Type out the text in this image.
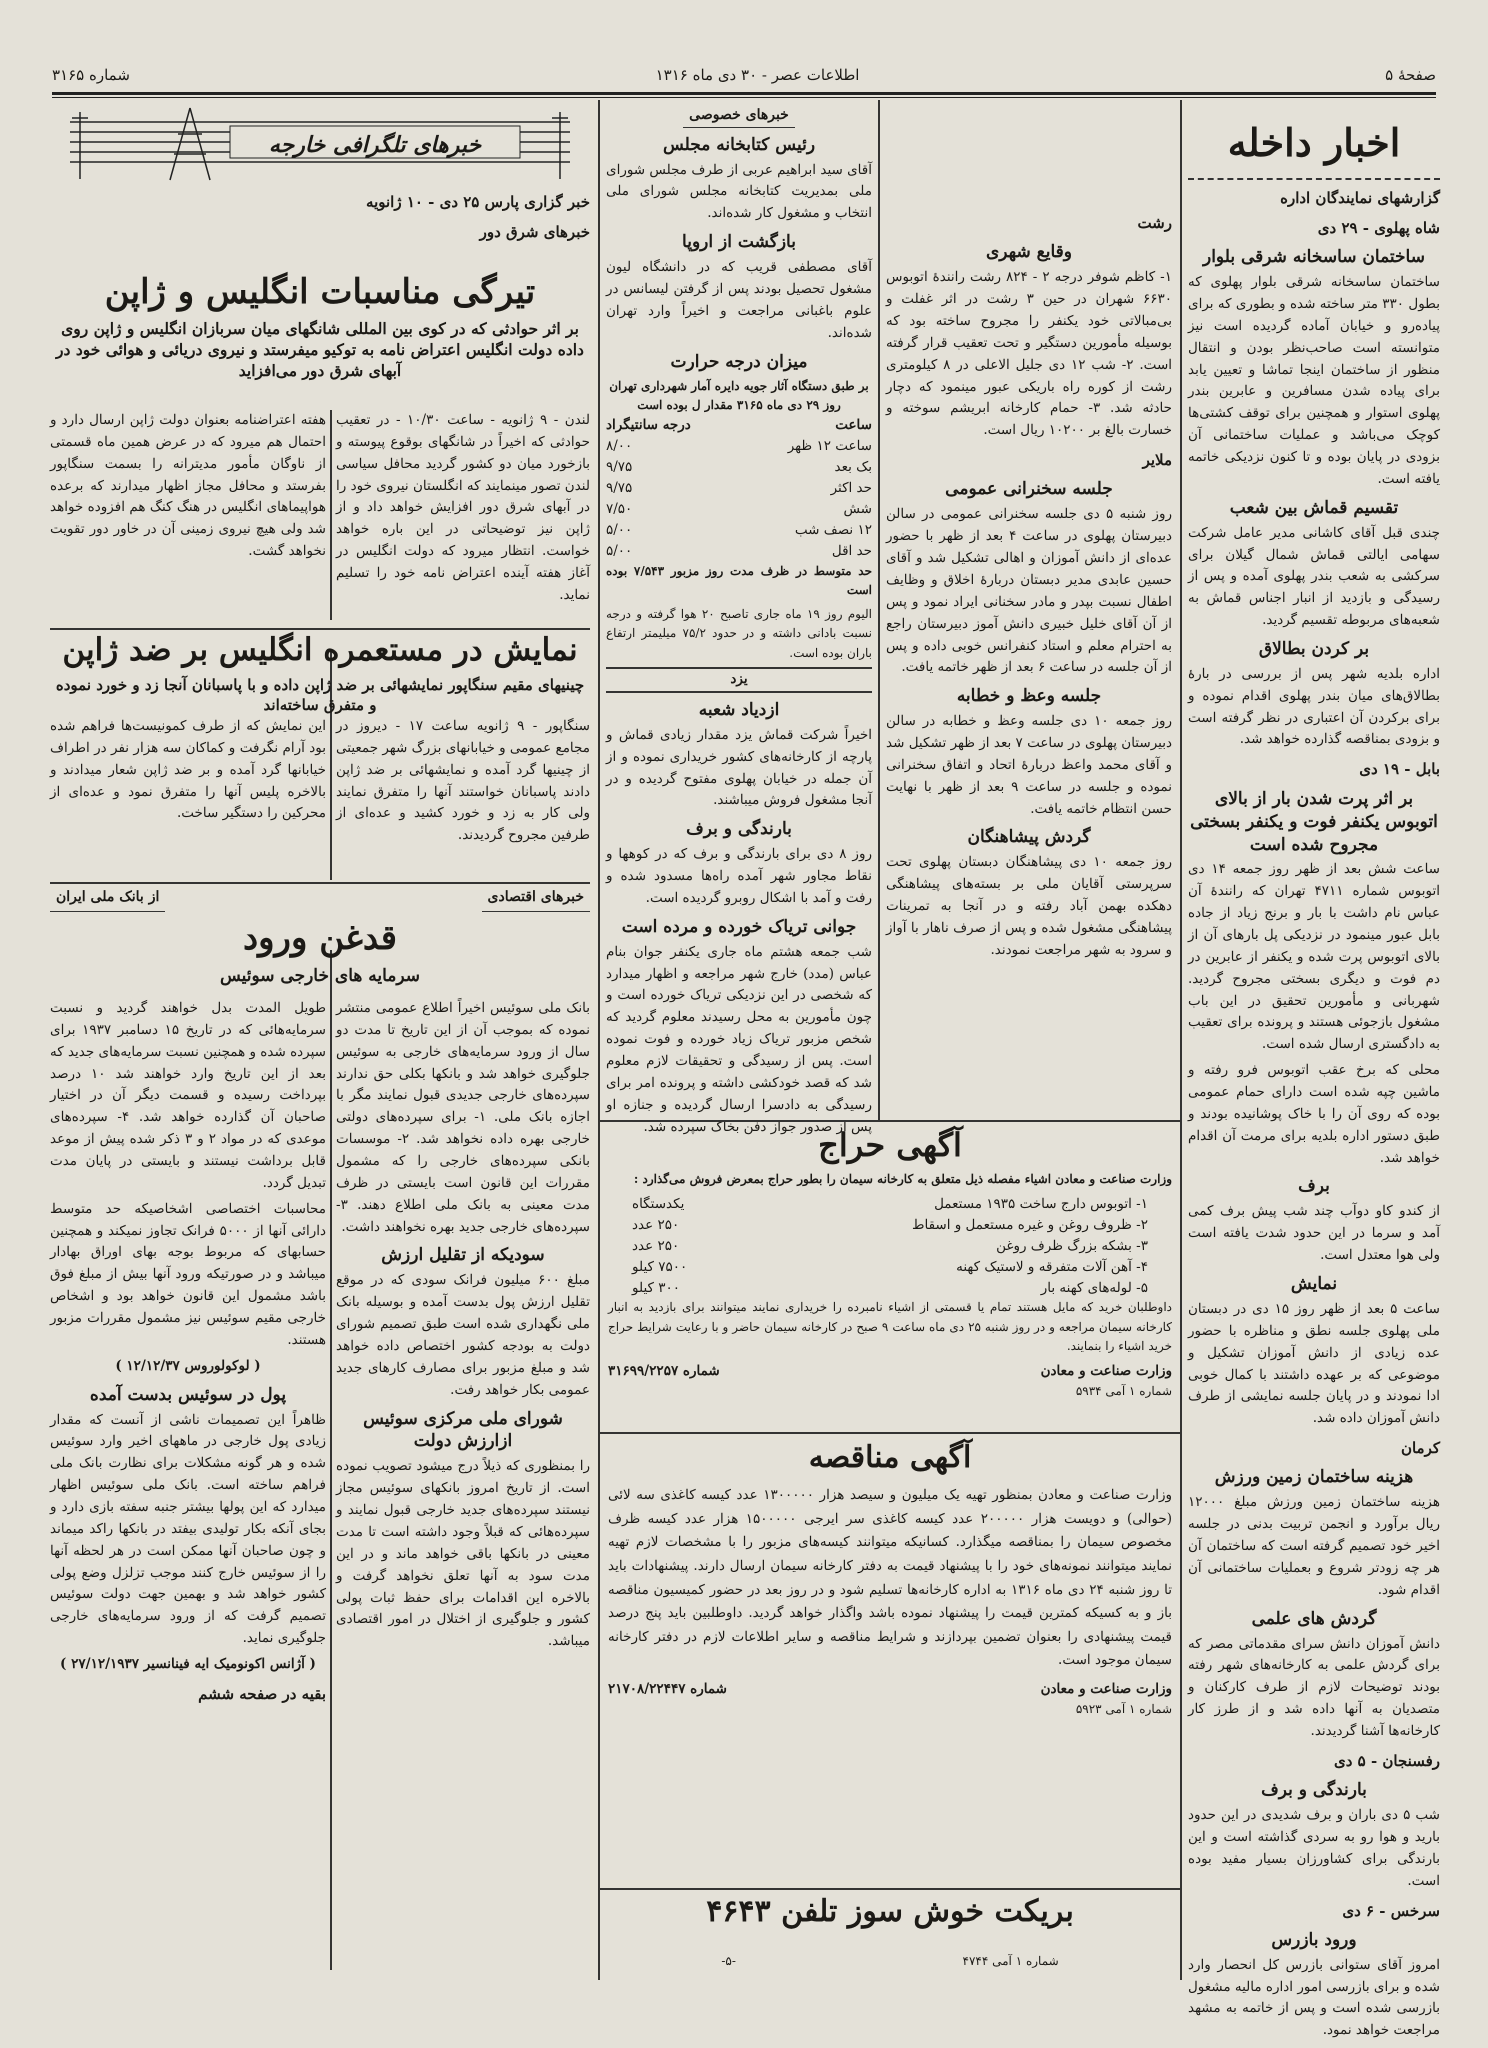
صفحهٔ ۵
اطلاعات عصر - ۳۰ دی ماه ۱۳۱۶
شماره ۳۱۶۵
اخبار داخله
گزارشهای نمایندگان اداره
شاه پهلوی - ۲۹ دی
ساختمان ساسخانه شرقی بلوار

ساختمان ساسخانه شرقی بلوار پهلوی که بطول ۳۳۰ متر ساخته شده و بطوری که برای پیاده‌رو و خیابان آماده گردیده است نیز متوانسته است صاحب‌نظر بودن و انتقال منظور از ساختمان اینجا تماشا و تعیین یابد برای پیاده شدن مسافرین و عابرین بندر پهلوی استوار و همچنین برای توقف کشتی‌ها کوچک می‌باشد و عملیات ساختمانی آن بزودی در پایان بوده و تا کنون نزدیکی خاتمه یافته است.

تقسیم قماش بین شعب

چندی قبل آقای کاشانی مدیر عامل شرکت سهامی ایالتی قماش شمال گیلان برای سرکشی به شعب بندر پهلوی آمده و پس از رسیدگی و بازدید از انبار اجناس قماش به شعبه‌های مربوطه تقسیم گردید.

بر کردن بطالاق

اداره بلدیه شهر پس از بررسی در بارهٔ بطالاق‌های میان بندر پهلوی اقدام نموده و برای برکردن آن اعتباری در نظر گرفته است و بزودی بمناقصه گذارده خواهد شد.

بابل - ۱۹ دی
بر اثر پرت شدن بار از بالای اتوبوس یکنفر فوت و یکنفر بسختی مجروح شده است

ساعت شش بعد از ظهر روز جمعه ۱۴ دی اتوبوس شماره ۴۷۱۱ تهران که رانندهٔ آن عباس نام داشت با بار و برنج زیاد از جاده بابل عبور مینمود در نزدیکی پل بارهای آن از بالای اتوبوس پرت شده و یکنفر از عابرین در دم فوت و دیگری بسختی مجروح گردید. شهربانی و مأمورین تحقیق در این باب مشغول بازجوئی هستند و پرونده برای تعقیب به دادگستری ارسال شده است.

محلی که برخ عقب اتوبوس فرو رفته و ماشین چپه شده است دارای حمام عمومی بوده که روی آن را با خاک پوشانیده بودند و طبق دستور اداره بلدیه برای مرمت آن اقدام خواهد شد.

برف

از کندو کاو دوآب چند شب پیش برف کمی آمد و سرما در این حدود شدت یافته است ولی هوا معتدل است.

نمایش

ساعت ۵ بعد از ظهر روز ۱۵ دی در دبستان ملی پهلوی جلسه نطق و مناظره با حضور عده زیادی از دانش آموزان تشکیل و موضوعی که بر عهده داشتند با کمال خوبی ادا نمودند و در پایان جلسه نمایشی از طرف دانش آموزان داده شد.

کرمان
هزینه ساختمان زمین ورزش

هزینه ساختمان زمین ورزش مبلغ ۱۲۰۰۰ ریال برآورد و انجمن تربیت بدنی در جلسه اخیر خود تصمیم گرفته است که ساختمان آن هر چه زودتر شروع و بعملیات ساختمانی آن اقدام شود.

گردش های علمی

دانش آموزان دانش سرای مقدماتی مصر که برای گردش علمی به کارخانه‌های شهر رفته بودند توضیحات لازم از طرف کارکنان و متصدیان به آنها داده شد و از طرز کار کارخانه‌ها آشنا گردیدند.

رفسنجان - ۵ دی
بارندگی و برف

شب ۵ دی باران و برف شدیدی در این حدود بارید و هوا رو به سردی گذاشته است و این بارندگی برای کشاورزان بسیار مفید بوده است.

سرخس - ۶ دی
ورود بازرس

امروز آقای ستوانی بازرس کل انحصار وارد شده و برای بازرسی امور اداره مالیه مشغول بازرسی شده است و پس از خاتمه به مشهد مراجعت خواهد نمود.

رشت
وقایع شهری

۱- کاظم شوفر درجه ۲ - ۸۲۴ رشت رانندهٔ اتوبوس ۶۶۳۰ شهران در حین ۳ رشت در اثر غفلت و بی‌مبالاتی خود یکنفر را مجروح ساخته بود که بوسیله مأمورین دستگیر و تحت تعقیب قرار گرفته است. ۲- شب ۱۲ دی جلیل الاعلی در ۸ کیلومتری رشت از کوره راه باریکی عبور مینمود که دچار حادثه شد. ۳- حمام کارخانه ابریشم سوخته و خسارت بالغ بر ۱۰۲۰۰ ریال است.

ملایر
جلسه سخنرانی عمومی

روز شنبه ۵ دی جلسه سخنرانی عمومی در سالن دبیرستان پهلوی در ساعت ۴ بعد از ظهر با حضور عده‌ای از دانش آموزان و اهالی تشکیل شد و آقای حسین عابدی مدیر دبستان دربارهٔ اخلاق و وظایف اطفال نسبت بپدر و مادر سخنانی ایراد نمود و پس از آن آقای خلیل خبیری دانش آموز دبیرستان راجع به احترام معلم و استاد کنفرانس خوبی داده و پس از آن جلسه در ساعت ۶ بعد از ظهر خاتمه یافت.

جلسه وعظ و خطابه

روز جمعه ۱۰ دی جلسه وعظ و خطابه در سالن دبیرستان پهلوی در ساعت ۷ بعد از ظهر تشکیل شد و آقای محمد واعظ دربارهٔ اتحاد و اتفاق سخنرانی نموده و جلسه در ساعت ۹ بعد از ظهر با نهایت حسن انتظام خاتمه یافت.

گردش پیشاهنگان

روز جمعه ۱۰ دی پیشاهنگان دبستان پهلوی تحت سرپرستی آقایان ملی بر بسته‌های پیشاهنگی دهکده بهمن آباد رفته و در آنجا به تمرینات پیشاهنگی مشغول شده و پس از صرف ناهار با آواز و سرود به شهر مراجعت نمودند.

خبرهای خصوصی
رئیس کتابخانه مجلس

آقای سید ابراهیم عربی از طرف مجلس شورای ملی بمدیریت کتابخانه مجلس شورای ملی انتخاب و مشغول کار شده‌اند.

بازگشت از اروپا

آقای مصطفی قریب که در دانشگاه لیون مشغول تحصیل بودند پس از گرفتن لیسانس در علوم باغبانی مراجعت و اخیراً وارد تهران شده‌اند.

میزان درجه حرارت
بر طبق دستگاه آثار جویه دایره آمار شهرداری تهران
روز ۲۹ دی ماه ۳۱۶۵ مقدار ل بوده است
ساعت
درجه سانتیگراد
ساعت ۱۲ ظهر
۸/۰۰
بک بعد
۹/۷۵
حد اکثر
۹/۷۵
شش
۷/۵۰
۱۲ نصف شب
۵/۰۰
حد اقل
۵/۰۰

حد متوسط در ظرف مدت روز مزبور ۷/۵۴۳ بوده است

الیوم روز ۱۹ ماه جاری تاصبح ۲۰ هوا گرفته و درجه نسبت بادانی داشته و در حدود ۷۵/۲ میلیمتر ارتفاع باران بوده است.

یزد
ازدیاد شعبه

اخیراً شرکت قماش یزد مقدار زیادی قماش و پارچه از کارخانه‌های کشور خریداری نموده و از آن جمله در خیابان پهلوی مفتوح گردیده و در آنجا مشغول فروش میباشند.

بارندگی و برف

روز ۸ دی برای بارندگی و برف که در کوهها و نقاط مجاور شهر آمده راه‌ها مسدود شده و رفت و آمد با اشکال روبرو گردیده است.

جوانی تریاک خورده و مرده است

شب جمعه هشتم ماه جاری یکنفر جوان بنام عباس (مدد) خارج شهر مراجعه و اظهار میدارد که شخصی در این نزدیکی تریاک خورده است و چون مأمورین به محل رسیدند معلوم گردید که شخص مزبور تریاک زیاد خورده و فوت نموده است. پس از رسیدگی و تحقیقات لازم معلوم شد که قصد خودکشی داشته و پرونده امر برای رسیدگی به دادسرا ارسال گردیده و جنازه او پس از صدور جواز دفن بخاک سپرده شد.

خبرهای تلگرافی خارجه
خبر گزاری پارس ۲۵ دی - ۱۰ ژانویه
خبرهای شرق دور
تیرگی مناسبات انگلیس و ژاپن
بر اثر حوادثی که در کوی بین المللی شانگهای میان سربازان انگلیس و ژاپن روی داده دولت انگلیس اعتراض نامه به توکیو میفرستد و نیروی دریائی و هوائی خود در آبهای شرق دور می‌افزاید

لندن - ۹ ژانویه - ساعت ۱۰/۳۰ - در تعقیب حوادثی که اخیراً در شانگهای بوقوع پیوسته و بازخورد میان دو کشور گردید محافل سیاسی لندن تصور مینمایند که انگلستان نیروی خود را در آبهای شرق دور افزایش خواهد داد و از ژاپن نیز توضیحاتی در این باره خواهد خواست. انتظار میرود که دولت انگلیس در آغاز هفته آینده اعتراض نامه خود را تسلیم نماید.

هفته اعتراضنامه بعنوان دولت ژاپن ارسال دارد و احتمال هم میرود که در عرض همین ماه قسمتی از ناوگان مأمور مدیترانه را بسمت سنگاپور بفرستد و محافل مجاز اظهار میدارند که برعده هواپیماهای انگلیس در هنگ کنگ هم افزوده خواهد شد ولی هیچ نیروی زمینی آن در خاور دور تقویت نخواهد گشت.

نمایش در مستعمره انگلیس بر ضد ژاپن
چینیهای مقیم سنگاپور نمایشهائی بر ضد ژاپن داده و با پاسبانان آنجا زد و خورد نموده و متفرق ساخته‌اند

سنگاپور - ۹ ژانویه ساعت ۱۷ - دیروز در مجامع عمومی و خیابانهای بزرگ شهر جمعیتی از چینیها گرد آمده و نمایشهائی بر ضد ژاپن دادند پاسبانان خواستند آنها را متفرق نمایند ولی کار به زد و خورد کشید و عده‌ای از طرفین مجروح گردیدند.

این نمایش که از طرف کمونیست‌ها فراهم شده بود آرام نگرفت و کماکان سه هزار نفر در اطراف خیابانها گرد آمده و بر ضد ژاپن شعار میدادند و بالاخره پلیس آنها را متفرق نمود و عده‌ای از محرکین را دستگیر ساخت.

خبرهای اقتصادی
از بانک ملی ایران
قدغن ورود
سرمایه های خارجی سوئیس

بانک ملی سوئیس اخیراً اطلاع عمومی منتشر نموده که بموجب آن از این تاریخ تا مدت دو سال از ورود سرمایه‌های خارجی به سوئیس جلوگیری خواهد شد و بانکها بکلی حق ندارند سپرده‌های خارجی جدیدی قبول نمایند مگر با اجازه بانک ملی. ۱- برای سپرده‌های دولتی خارجی بهره داده نخواهد شد. ۲- موسسات بانکی سپرده‌های خارجی را که مشمول مقررات این قانون است بایستی در ظرف مدت معینی به بانک ملی اطلاع دهند. ۳- سپرده‌های خارجی جدید بهره نخواهند داشت.

سودیکه از تقلیل ارزش

مبلغ ۶۰۰ میلیون فرانک سودی که در موقع تقلیل ارزش پول بدست آمده و بوسیله بانک ملی نگهداری شده است طبق تصمیم شورای دولت به بودجه کشور اختصاص داده خواهد شد و مبلغ مزبور برای مصارف کارهای جدید عمومی بکار خواهد رفت.

شورای ملی مرکزی سوئیس ازارزش دولت

را بمنظوری که ذیلاً درج میشود تصویب نموده است. از تاریخ امروز بانکهای سوئیس مجاز نیستند سپرده‌های جدید خارجی قبول نمایند و سپرده‌هائی که قبلاً وجود داشته است تا مدت معینی در بانکها باقی خواهد ماند و در این مدت سود به آنها تعلق نخواهد گرفت و بالاخره این اقدامات برای حفظ ثبات پولی کشور و جلوگیری از اختلال در امور اقتصادی میباشد.

طویل المدت بدل خواهند گردید و نسبت سرمایه‌هائی که در تاریخ ۱۵ دسامبر ۱۹۳۷ برای سپرده شده و همچنین نسبت سرمایه‌های جدید که بعد از این تاریخ وارد خواهند شد ۱۰ درصد بپرداخت رسیده و قسمت دیگر آن در اختیار صاحبان آن گذارده خواهد شد. ۴- سپرده‌های موعدی که در مواد ۲ و ۳ ذکر شده پیش از موعد قابل برداشت نیستند و بایستی در پایان مدت تبدیل گردد.

محاسبات اختصاصی اشخاصیکه حد متوسط دارائی آنها از ۵۰۰۰ فرانک تجاوز نمیکند و همچنین حسابهای که مربوط بوجه بهای اوراق بهادار میباشد و در صورتیکه ورود آنها بیش از مبلغ فوق باشد مشمول این قانون خواهد بود و اشخاص خارجی مقیم سوئیس نیز مشمول مقررات مزبور هستند.

( لوکولوروس ۱۲/۱۲/۳۷ )
پول در سوئیس بدست آمده

ظاهراً این تصمیمات ناشی از آنست که مقدار زیادی پول خارجی در ماههای اخیر وارد سوئیس شده و هر گونه مشکلات برای نظارت بانک ملی فراهم ساخته است. بانک ملی سوئیس اظهار میدارد که این پولها بیشتر جنبه سفته بازی دارد و بجای آنکه بکار تولیدی بیفتد در بانکها راکد میماند و چون صاحبان آنها ممکن است در هر لحظه آنها را از سوئیس خارج کنند موجب تزلزل وضع پولی کشور خواهد شد و بهمین جهت دولت سوئیس تصمیم گرفت که از ورود سرمایه‌های خارجی جلوگیری نماید.

( آژانس اکونومیک ایه فینانسیر ۲۷/۱۲/۱۹۳۷ )
بقیه در صفحه ششم
آگهی حراج

وزارت صناعت و معادن اشیاء مفصله ذیل متعلق به کارخانه سیمان را بطور حراج بمعرض فروش می‌گذارد :

۱- اتوبوس دارج ساخت ۱۹۳۵ مستعمل
یکدستگاه
۲- ظروف روغن و غیره مستعمل و اسقاط
۲۵۰ عدد
۳- بشکه بزرگ ظرف روغن
۲۵۰ عدد
۴- آهن آلات متفرقه و لاستیک کهنه
۷۵۰۰ کیلو
۵- لوله‌های کهنه بار
۳۰۰ کیلو

داوطلبان خرید که مایل هستند تمام یا قسمتی از اشیاء نامبرده را خریداری نمایند میتوانند برای بازدید به انبار کارخانه سیمان مراجعه و در روز شنبه ۲۵ دی ماه ساعت ۹ صبح در کارخانه سیمان حاضر و با رعایت شرایط حراج خرید اشیاء را بنمایند.

وزارت صناعت و معادن
شماره ۳۱۶۹۹/۲۲۵۷
شماره ۱ آمی ۵۹۳۴
آگهی مناقصه

وزارت صناعت و معادن بمنظور تهیه یک میلیون و سیصد هزار ۱۳۰۰۰۰۰ عدد کیسه کاغذی سه لائی (حوالی) و دویست هزار ۲۰۰۰۰۰ عدد کیسه کاغذی سر ایرجی ۱۵۰۰۰۰۰ هزار عدد کیسه ظرف مخصوص سیمان را بمناقصه میگذارد. کسانیکه میتوانند کیسه‌های مزبور را با مشخصات لازم تهیه نمایند میتوانند نمونه‌های خود را با پیشنهاد قیمت به دفتر کارخانه سیمان ارسال دارند. پیشنهادات باید تا روز شنبه ۲۴ دی ماه ۱۳۱۶ به اداره کارخانه‌ها تسلیم شود و در روز بعد در حضور کمیسیون مناقصه باز و به کسیکه کمترین قیمت را پیشنهاد نموده باشد واگذار خواهد گردید. داوطلبین باید پنج درصد قیمت پیشنهادی را بعنوان تضمین بپردازند و شرایط مناقصه و سایر اطلاعات لازم در دفتر کارخانه سیمان موجود است.

وزارت صناعت و معادن
شماره ۲۱۷۰۸/۲۲۴۴۷
شماره ۱ آمی ۵۹۲۳
بریکت خوش سوز تلفن ۴۶۴۳
شماره ۱ آمی ۴۷۴۴
-۵-
